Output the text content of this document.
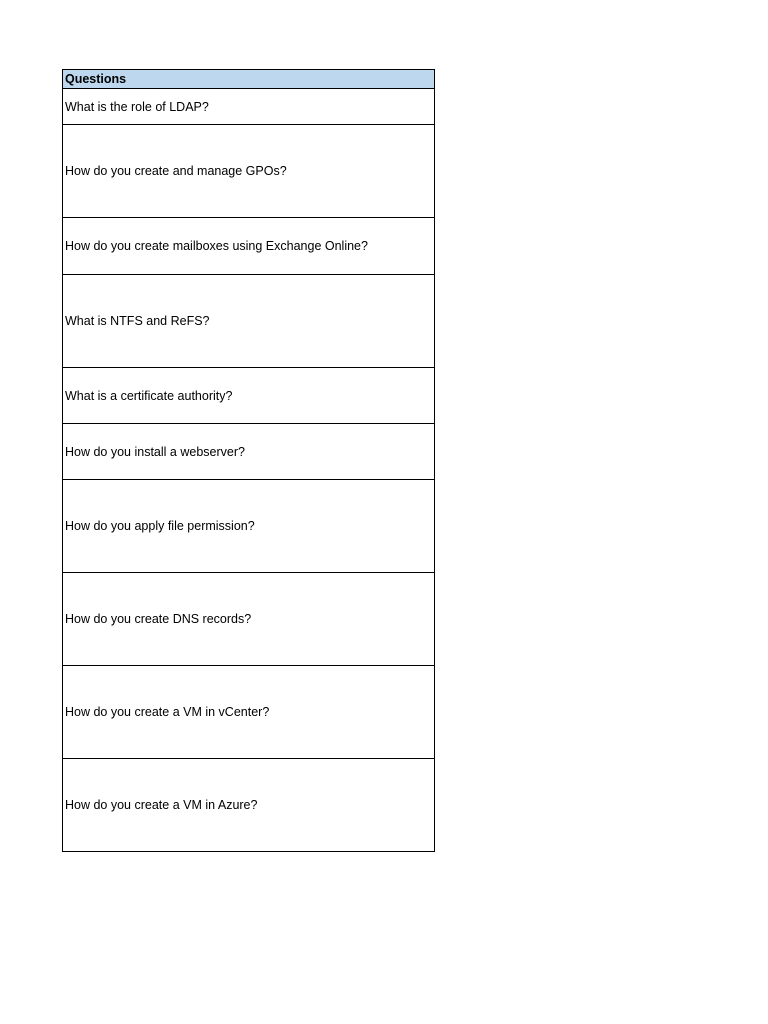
Questions
What is the role of LDAP?
How do you create and manage GPOs?
How do you create mailboxes using Exchange Online?
What is NTFS and ReFS?
What is a certificate authority?
How do you install a webserver?
How do you apply file permission?
How do you create DNS records?
How do you create a VM in vCenter?
How do you create a VM in Azure?
